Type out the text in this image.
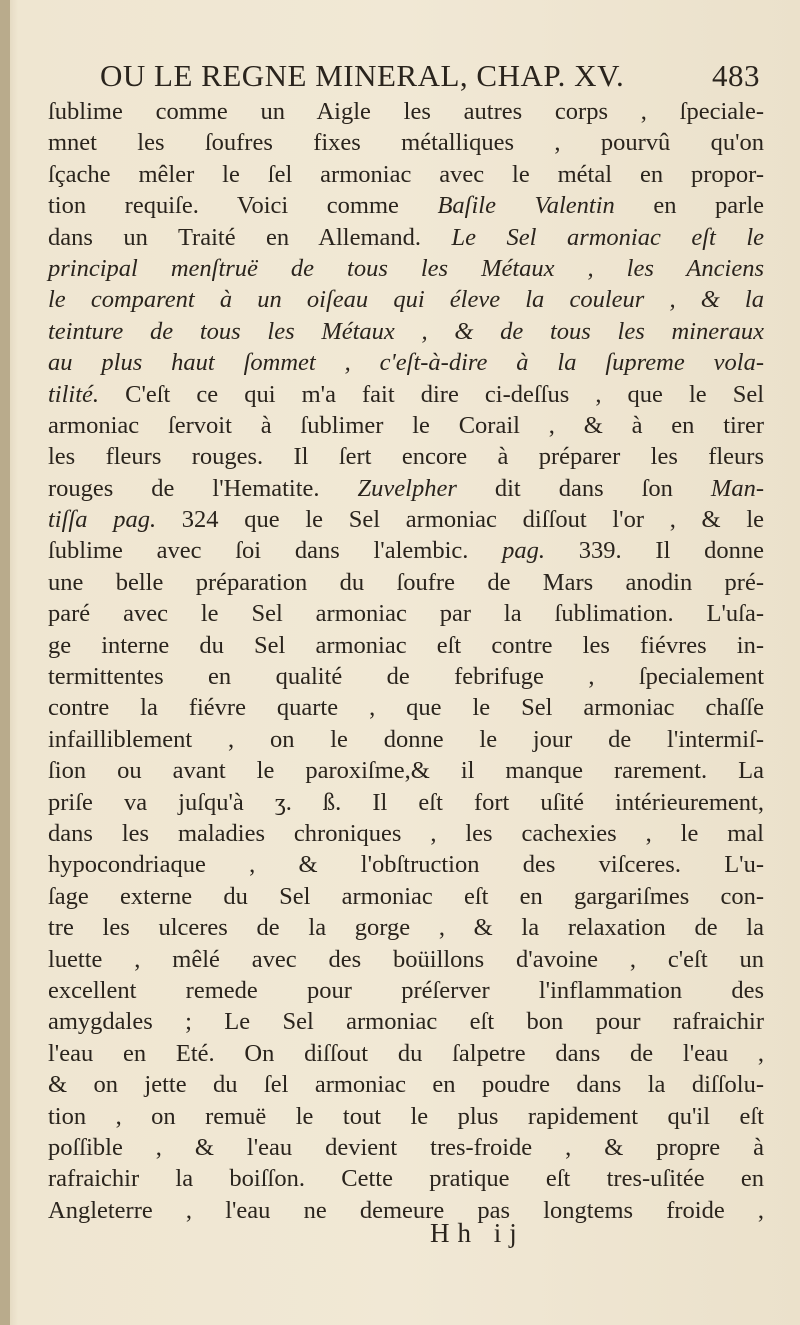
OU LE REGNE MINERAL, CHAP. XV.	483
ſublime comme un Aigle les autres corps , ſpeciale-
mnet les ſoufres fixes métalliques , pourvû qu'on
ſçache mêler le ſel armoniac avec le métal en propor-
tion requiſe. Voici comme Baſile Valentin en parle
dans un Traité en Allemand. Le Sel armoniac eſt le
principal menſtruë de tous les Métaux , les Anciens
le comparent à un oiſeau qui éleve la couleur , & la
teinture de tous les Métaux , & de tous les mineraux
au plus haut ſommet , c'eſt-à-dire à la ſupreme vola-
tilité. C'eſt ce qui m'a fait dire ci-deſſus , que le Sel
armoniac ſervoit à ſublimer le Corail , & à en tirer
les fleurs rouges. Il ſert encore à préparer les fleurs
rouges de l'Hematite. Zuvelpher dit dans ſon Man-
tiſſa pag. 324 que le Sel armoniac diſſout l'or , & le
ſublime avec ſoi dans l'alembic. pag. 339. Il donne
une belle préparation du ſoufre de Mars anodin pré-
paré avec le Sel armoniac par la ſublimation. L'uſa-
ge interne du Sel armoniac eſt contre les fiévres in-
termittentes en qualité de febrifuge , ſpecialement
contre la fiévre quarte , que le Sel armoniac chaſſe
infailliblement , on le donne le jour de l'intermiſ-
ſion ou avant le paroxiſme,& il manque rarement. La
priſe va juſqu'à ʒ. ß. Il eſt fort uſité intérieurement,
dans les maladies chroniques , les cachexies , le mal
hypocondriaque , & l'obſtruction des viſceres. L'u-
ſage externe du Sel armoniac eſt en gargariſmes con-
tre les ulceres de la gorge , & la relaxation de la
luette , mêlé avec des boüillons d'avoine , c'eſt un
excellent remede pour préſerver l'inflammation des
amygdales ; Le Sel armoniac eſt bon pour rafraichir
l'eau en Eté. On diſſout du ſalpetre dans de l'eau ,
& on jette du ſel armoniac en poudre dans la diſſolu-
tion , on remuë le tout le plus rapidement qu'il eſt
poſſible , & l'eau devient tres-froide , & propre à
rafraichir la boiſſon. Cette pratique eſt tres-uſitée en
Angleterre , l'eau ne demeure pas longtems froide ,
Hh ij
